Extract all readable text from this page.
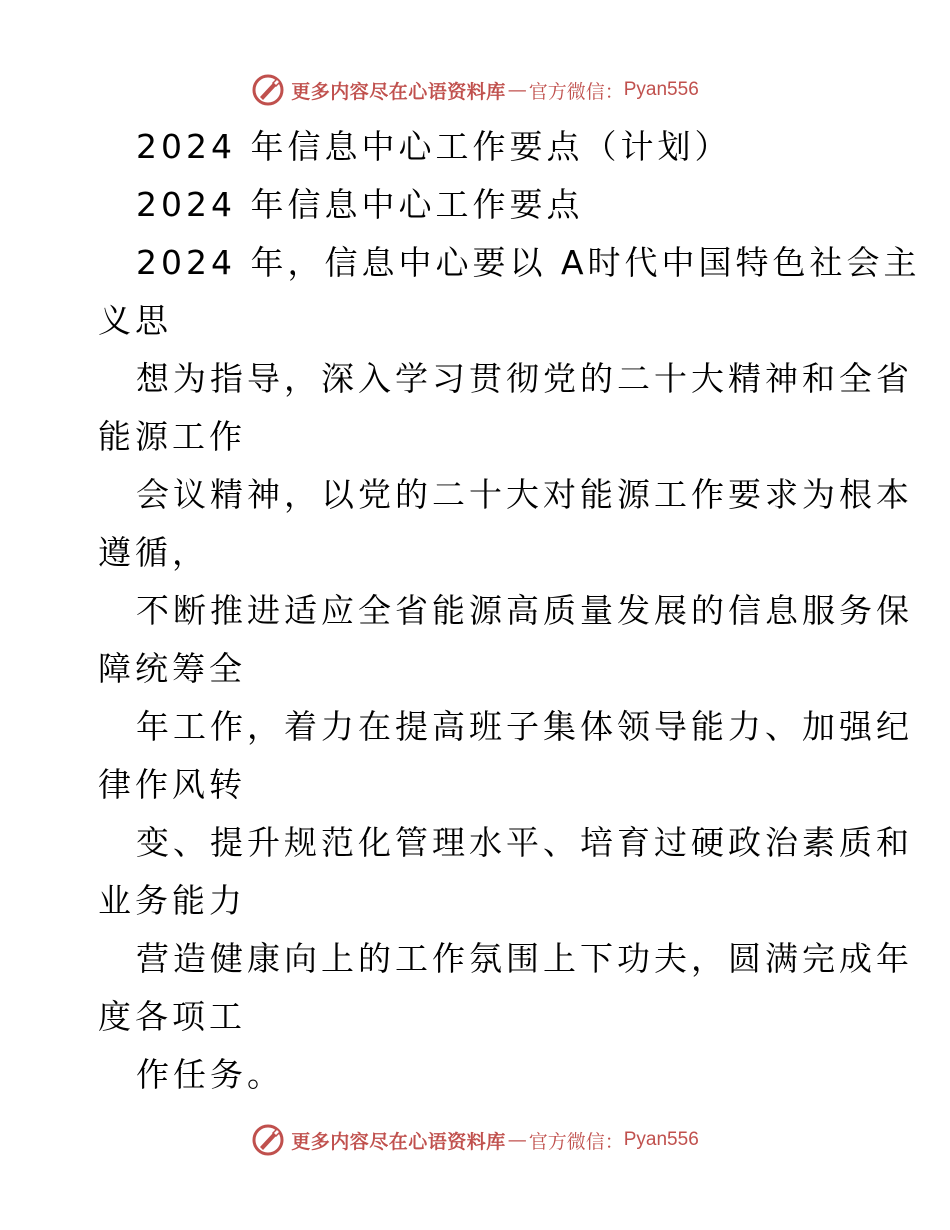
更多内容尽在心语资料库 — 官方微信： Pyan556
2024 年信息中心工作要点（计划）
2024 年信息中心工作要点
2024 年，信息中心要以 A时代中国特色社会主
义思
想为指导，深入学习贯彻党的二十大精神和全省
能源工作
会议精神，以党的二十大对能源工作要求为根本
遵循，
不断推进适应全省能源高质量发展的信息服务保
障统筹全
年工作，着力在提高班子集体领导能力、加强纪
律作风转
变、提升规范化管理水平、培育过硬政治素质和
业务能力
营造健康向上的工作氛围上下功夫，圆满完成年
度各项工
作任务。
更多内容尽在心语资料库 — 官方微信： Pyan556
